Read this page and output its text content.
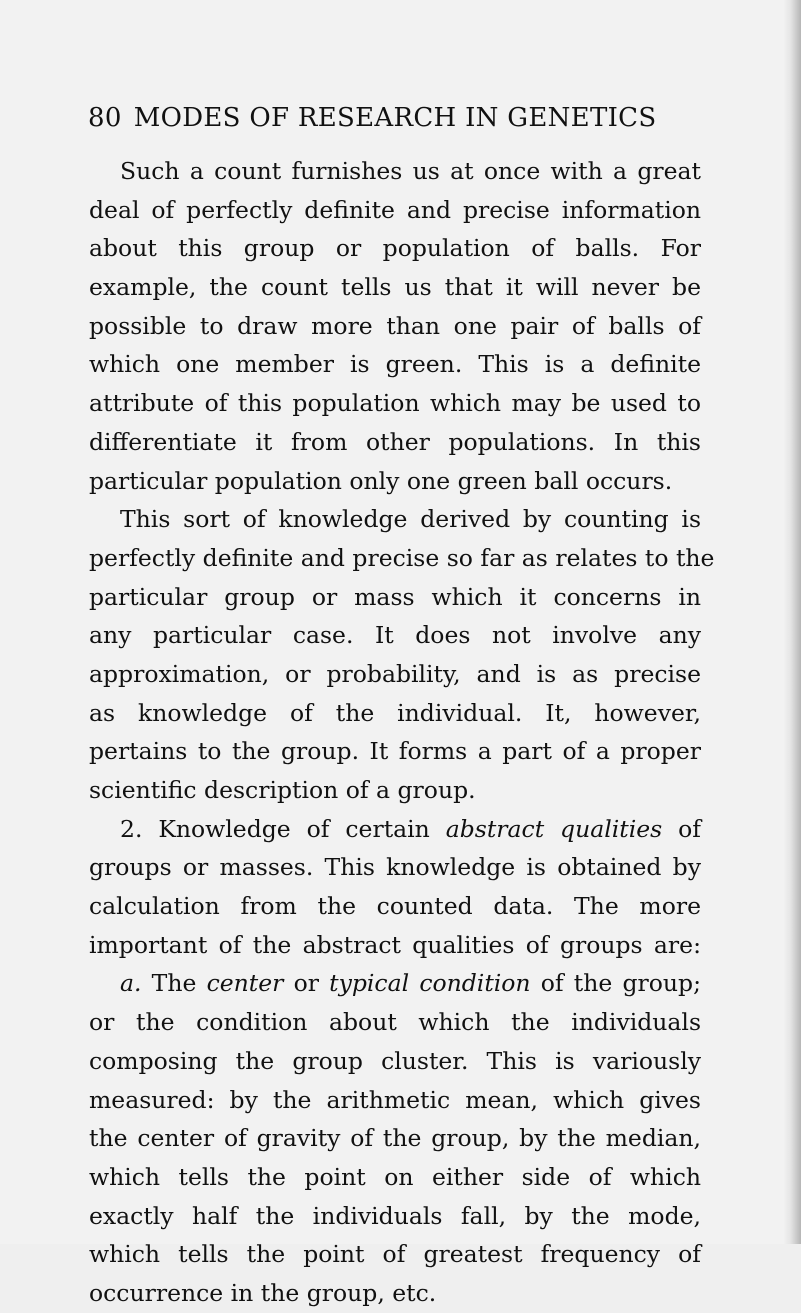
80 MODES OF RESEARCH IN GENETICS
Such a count furnishes us at once with a great
deal of perfectly definite and precise information
about this group or population of balls. For
example, the count tells us that it will never be
possible to draw more than one pair of balls of
which one member is green. This is a definite
attribute of this population which may be used to
differentiate it from other populations. In this
particular population only one green ball occurs.
This sort of knowledge derived by counting is
perfectly definite and precise so far as relates to the
particular group or mass which it concerns in
any particular case. It does not involve any
approximation, or probability, and is as precise
as knowledge of the individual. It, however,
pertains to the group. It forms a part of a proper
scientific description of a group.
2. Knowledge of certain abstract qualities of
groups or masses. This knowledge is obtained by
calculation from the counted data. The more
important of the abstract qualities of groups are:
a. The center or typical condition of the group;
or the condition about which the individuals
composing the group cluster. This is variously
measured: by the arithmetic mean, which gives
the center of gravity of the group, by the median,
which tells the point on either side of which
exactly half the individuals fall, by the mode,
which tells the point of greatest frequency of
occurrence in the group, etc.
